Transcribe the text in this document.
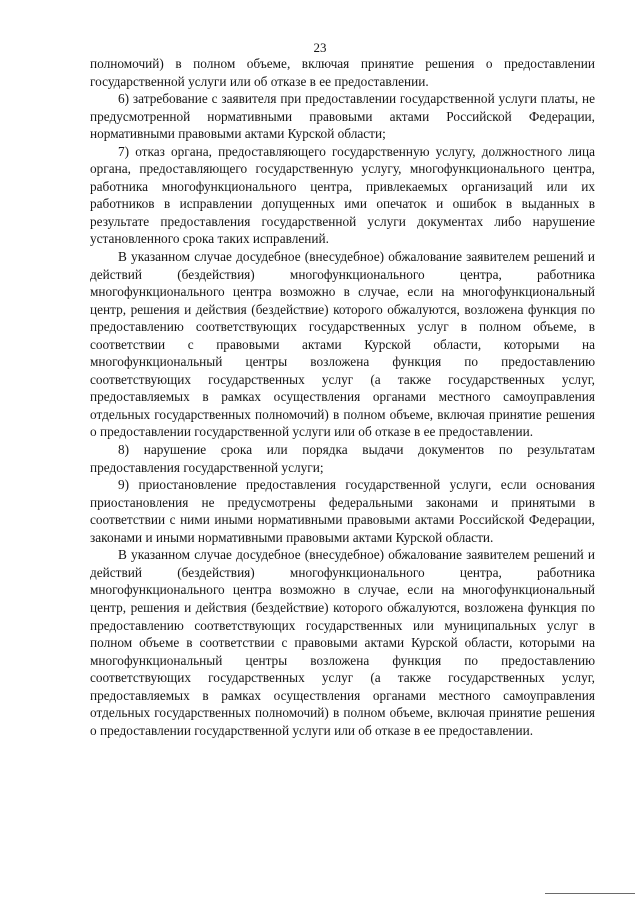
23

полномочий) в полном объеме, включая принятие решения о предоставлении государственной услуги или об отказе в ее предоставлении.

6) затребование с заявителя при предоставлении государственной услуги платы, не предусмотренной нормативными правовыми актами Российской Федерации, нормативными правовыми актами Курской области;

7) отказ органа, предоставляющего государственную услугу, должностного лица органа, предоставляющего государственную услугу, многофункционального центра, работника многофункционального центра, привлекаемых организаций или их работников в исправлении допущенных ими опечаток и ошибок в выданных в результате предоставления государственной услуги документах либо нарушение установленного срока таких исправлений.

В указанном случае досудебное (внесудебное) обжалование заявителем решений и действий (бездействия) многофункционального центра, работника многофункционального центра возможно в случае, если на многофункциональный центр, решения и действия (бездействие) которого обжалуются, возложена функция по предоставлению соответствующих государственных услуг в полном объеме, в соответствии с правовыми актами Курской области, которыми на многофункциональный центры возложена функция по предоставлению соответствующих государственных услуг (а также государственных услуг, предоставляемых в рамках осуществления органами местного самоуправления отдельных государственных полномочий) в полном объеме, включая принятие решения о предоставлении государственной услуги или об отказе в ее предоставлении.

8) нарушение срока или порядка выдачи документов по результатам предоставления государственной услуги;

9) приостановление предоставления государственной услуги, если основания приостановления не предусмотрены федеральными законами и принятыми в соответствии с ними иными нормативными правовыми актами Российской Федерации, законами и иными нормативными правовыми актами Курской области.

В указанном случае досудебное (внесудебное) обжалование заявителем решений и действий (бездействия) многофункционального центра, работника многофункционального центра возможно в случае, если на многофункциональный центр, решения и действия (бездействие) которого обжалуются, возложена функция по предоставлению соответствующих государственных или муниципальных услуг в полном объеме в соответствии с правовыми актами Курской области, которыми на многофункциональный центры возложена функция по предоставлению соответствующих государственных услуг (а также государственных услуг, предоставляемых в рамках осуществления органами местного самоуправления отдельных государственных полномочий) в полном объеме, включая принятие решения о предоставлении государственной услуги или об отказе в ее предоставлении.
